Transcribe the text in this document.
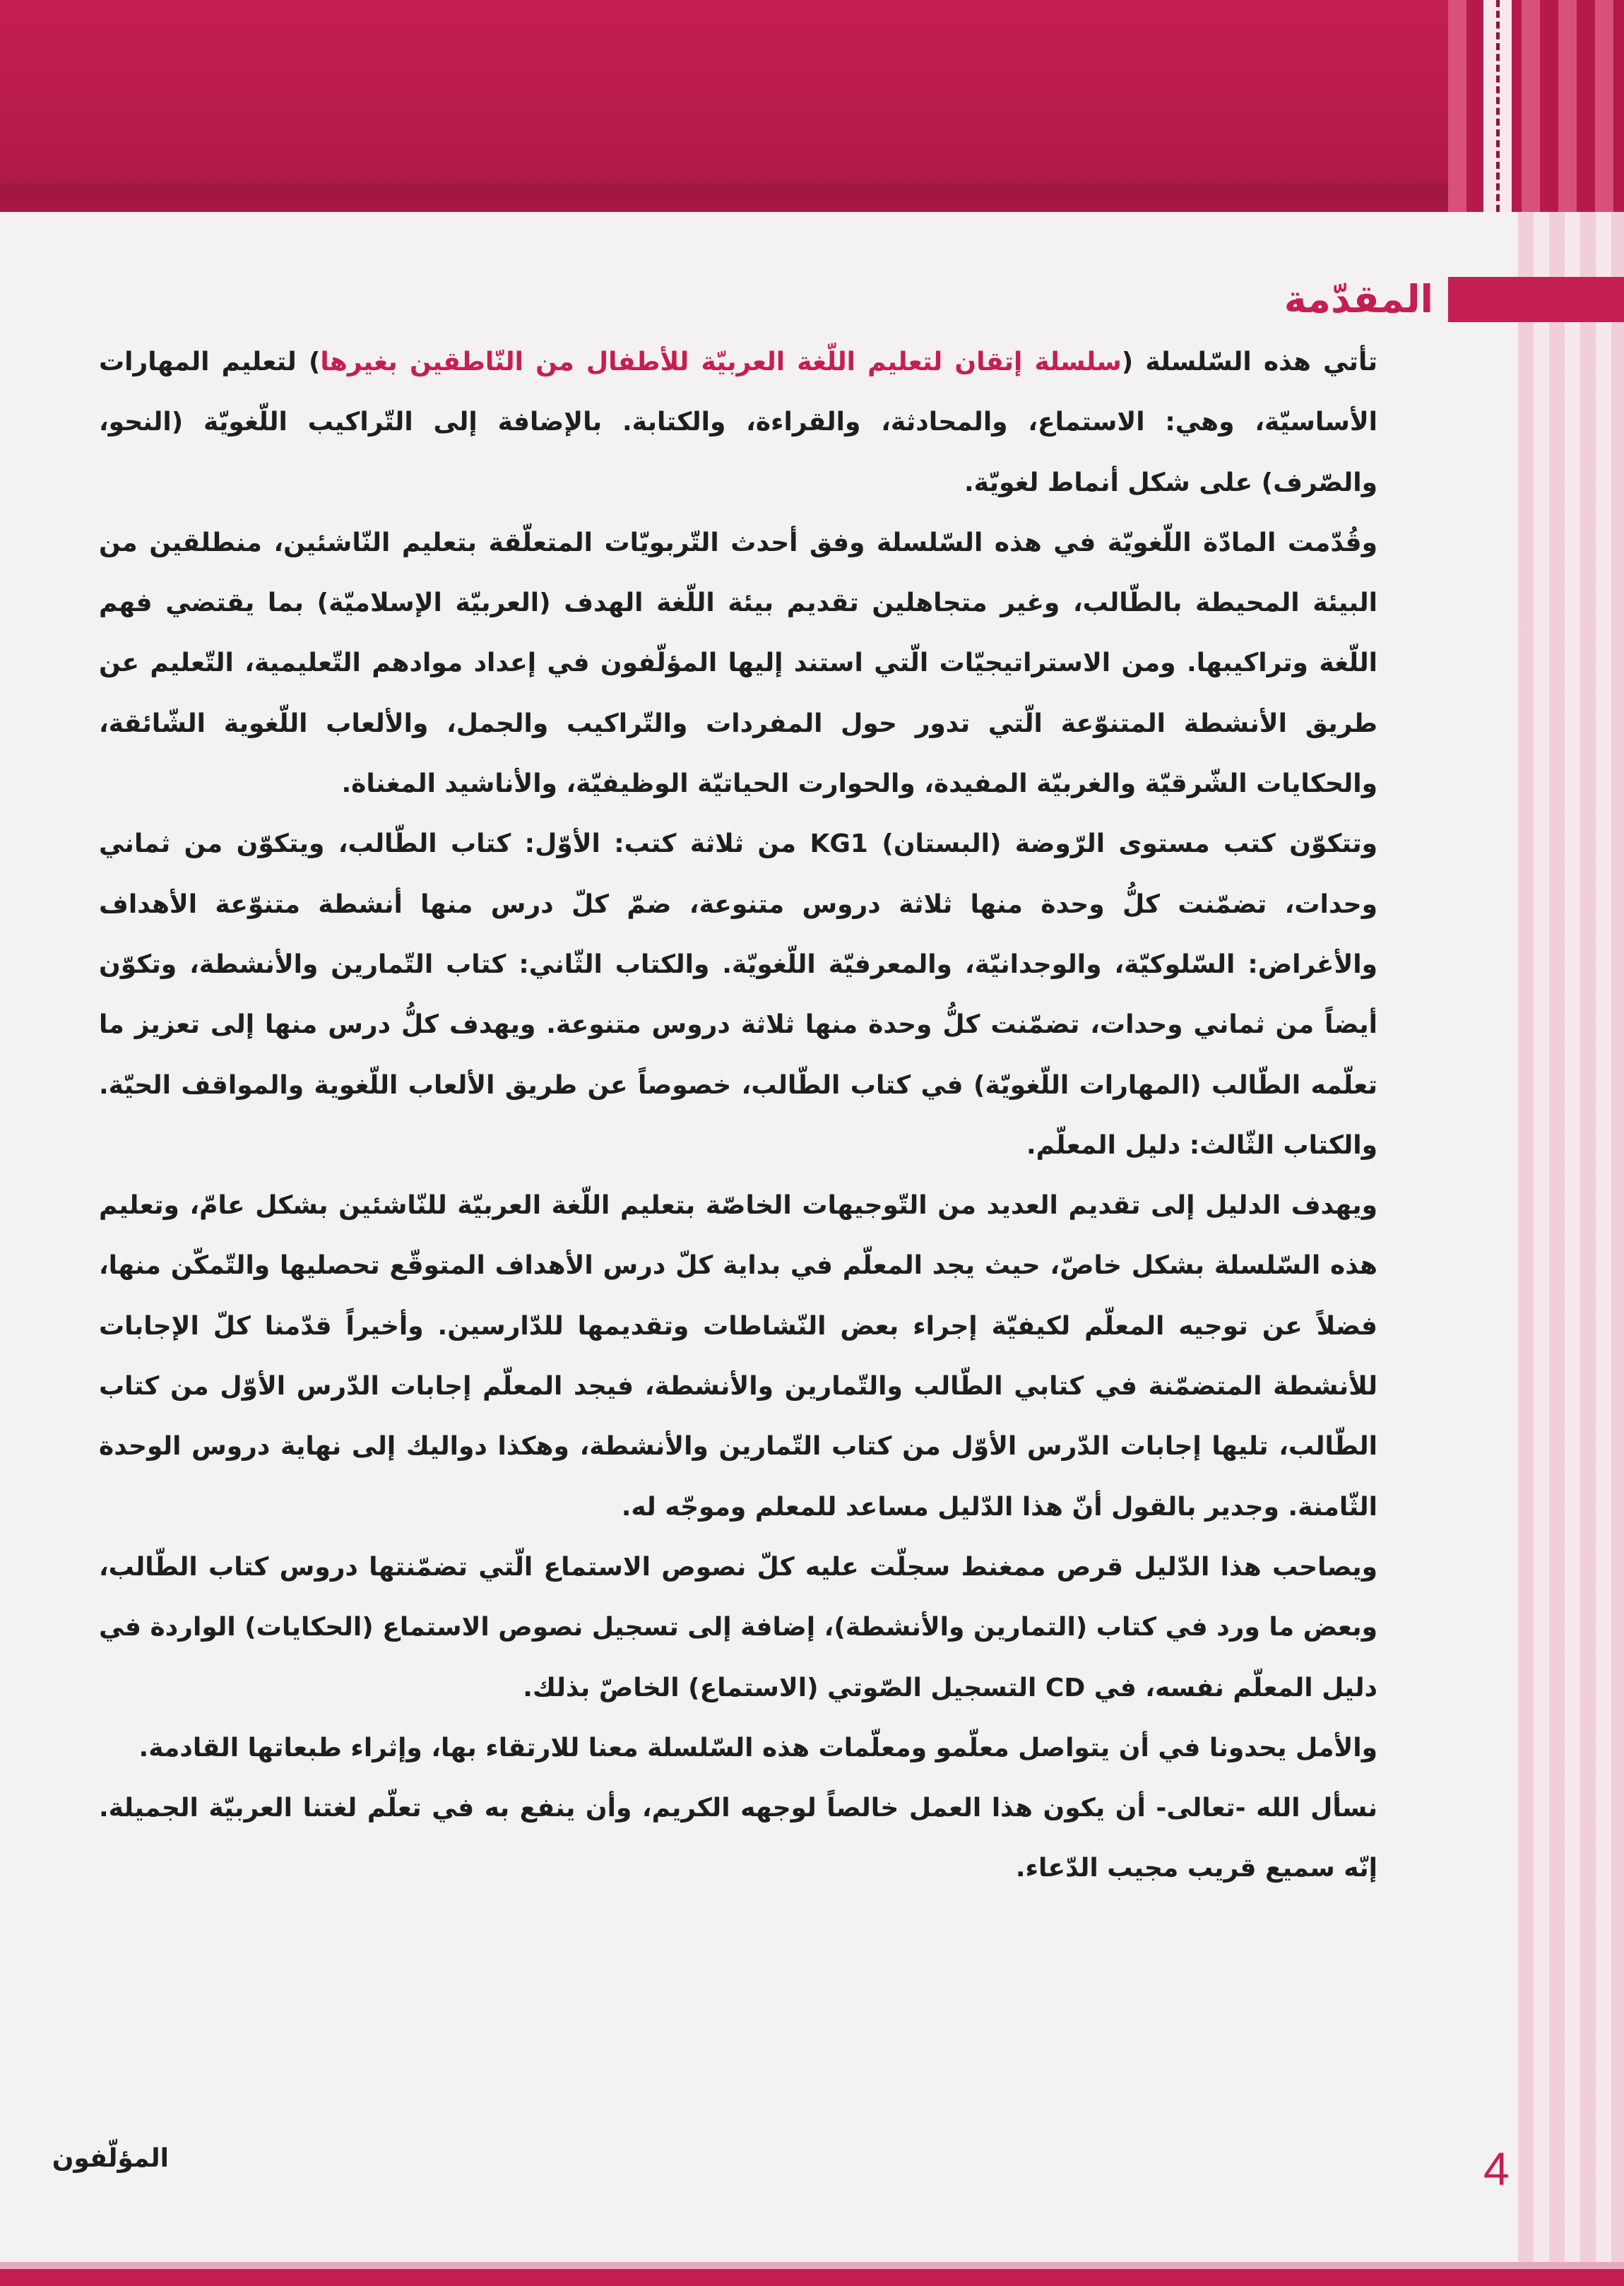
المقدّمة

تأتي هذه السّلسلة (سلسلة إتقان لتعليم اللّغة العربيّة للأطفال من النّاطقين بغيرها) لتعليم المهارات الأساسيّة، وهي: الاستماع، والمحادثة، والقراءة، والكتابة. بالإضافة إلى التّراكيب اللّغويّة (النحو، والصّرف) على شكل أنماط لغويّة.

وقُدّمت المادّة اللّغويّة في هذه السّلسلة وفق أحدث التّربويّات المتعلّقة بتعليم النّاشئين، منطلقين من البيئة المحيطة بالطّالب، وغير متجاهلين تقديم بيئة اللّغة الهدف (العربيّة الإسلاميّة) بما يقتضي فهم اللّغة وتراكيبها. ومن الاستراتيجيّات الّتي استند إليها المؤلّفون في إعداد موادهم التّعليمية، التّعليم عن طريق الأنشطة المتنوّعة الّتي تدور حول المفردات والتّراكيب والجمل، والألعاب اللّغوية الشّائقة، والحكايات الشّرقيّة والغربيّة المفيدة، والحوارت الحياتيّة الوظيفيّة، والأناشيد المغناة.

وتتكوّن كتب مستوى الرّوضة (البستان) KG1 من ثلاثة كتب: الأوّل: كتاب الطّالب، ويتكوّن من ثماني وحدات، تضمّنت كلُّ وحدة منها ثلاثة دروس متنوعة، ضمّ كلّ درس منها أنشطة متنوّعة الأهداف والأغراض: السّلوكيّة، والوجدانيّة، والمعرفيّة اللّغويّة. والكتاب الثّاني: كتاب التّمارين والأنشطة، وتكوّن أيضاً من ثماني وحدات، تضمّنت كلُّ وحدة منها ثلاثة دروس متنوعة. ويهدف كلُّ درس منها إلى تعزيز ما تعلّمه الطّالب (المهارات اللّغويّة) في كتاب الطّالب، خصوصاً عن طريق الألعاب اللّغوية والمواقف الحيّة. والكتاب الثّالث: دليل المعلّم.

ويهدف الدليل إلى تقديم العديد من التّوجيهات الخاصّة بتعليم اللّغة العربيّة للنّاشئين بشكل عامّ، وتعليم هذه السّلسلة بشكل خاصّ، حيث يجد المعلّم في بداية كلّ درس الأهداف المتوقّع تحصليها والتّمكّن منها، فضلاً عن توجيه المعلّم لكيفيّة إجراء بعض النّشاطات وتقديمها للدّارسين. وأخيراً قدّمنا كلّ الإجابات للأنشطة المتضمّنة في كتابي الطّالب والتّمارين والأنشطة، فيجد المعلّم إجابات الدّرس الأوّل من كتاب الطّالب، تليها إجابات الدّرس الأوّل من كتاب التّمارين والأنشطة، وهكذا دواليك إلى نهاية دروس الوحدة الثّامنة. وجدير بالقول أنّ هذا الدّليل مساعد للمعلم وموجّه له.

ويصاحب هذا الدّليل قرص ممغنط سجلّت عليه كلّ نصوص الاستماع الّتي تضمّنتها دروس كتاب الطّالب، وبعض ما ورد في كتاب (التمارين والأنشطة)، إضافة إلى تسجيل نصوص الاستماع (الحكايات) الواردة في دليل المعلّم نفسه، في CD التسجيل الصّوتي (الاستماع) الخاصّ بذلك.

والأمل يحدونا في أن يتواصل معلّمو ومعلّمات هذه السّلسلة معنا للارتقاء بها، وإثراء طبعاتها القادمة.

نسأل الله -تعالى- أن يكون هذا العمل خالصاً لوجهه الكريم، وأن ينفع به في تعلّم لغتنا العربيّة الجميلة. إنّه سميع قريب مجيب الدّعاء.

المؤلّفون	4
